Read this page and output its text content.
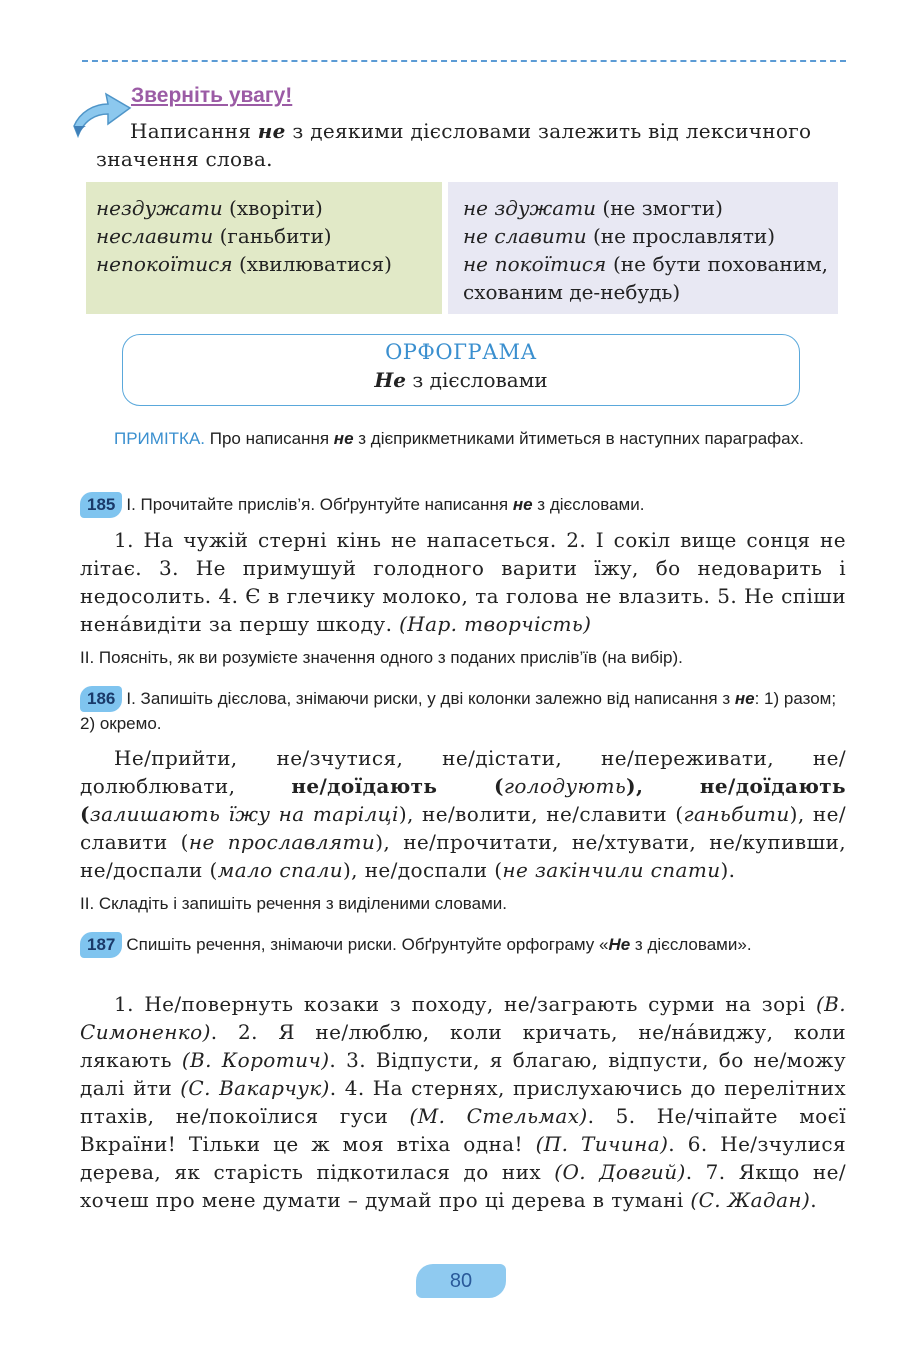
Зверніть увагу!
Написання не з деякими дієсловами залежить від лексичного значення слова.
нездужати (хворіти)
неславити (ганьбити)
непокоїтися (хвилюватися)
не здужати (не змогти)
не славити (не прославляти)
не покоїтися (не бути похованим, схованим де-небудь)
ОРФОГРАМА
Не з дієсловами
ПРИМІТКА. Про написання не з дієприкметниками йтиметься в наступних параграфах.
185 І. Прочитайте прислів’я. Обґрунтуйте написання не з дієсловами.
1. На чужій стерні кінь не напасеться. 2. І сокіл вище сонця не літає. 3. Не примушуй голодного варити їжу, бо недоварить і недосолить. 4. Є в глечику молоко, та голова не влазить. 5. Не спіши ненáвидіти за першу шкоду. (Нар. творчість)
ІІ. Поясніть, як ви розумієте значення одного з поданих прислів’їв (на вибір).
186 І. Запишіть дієслова, знімаючи риски, у дві колонки залежно від написання з не: 1) разом; 2) окремо.
Не/прийти, не/зчутися, не/дістати, не/переживати, не/долюблювати, не/доїдають (голодують), не/доїдають (залишають їжу на тарілці), не/волити, не/славити (ганьбити), не/славити (не прославляти), не/прочитати, не/хтувати, не/купивши, не/доспали (мало спали), не/доспали (не закінчили спати).
ІІ. Складіть і запишіть речення з виділеними словами.
187 Спишіть речення, знімаючи риски. Обґрунтуйте орфограму «Не з дієсловами».
1. Не/повернуть козаки з походу, не/заграють сурми на зорі (В. Симоненко). 2. Я не/люблю, коли кричать, не/нáвиджу, коли лякають (В. Коротич). 3. Відпусти, я благаю, відпусти, бо не/можу далі йти (С. Вакарчук). 4. На стернях, прислухаючись до перелітних птахів, не/покоїлися гуси (М. Стельмах). 5. Не/чіпайте моєї Вкраїни! Тільки це ж моя втіха одна! (П. Тичина). 6. Не/зчулися дерева, як старість підкотилася до них (О. Довгий). 7. Якщо не/хочеш про мене думати – думай про ці дерева в тумані (С. Жадан).
80
